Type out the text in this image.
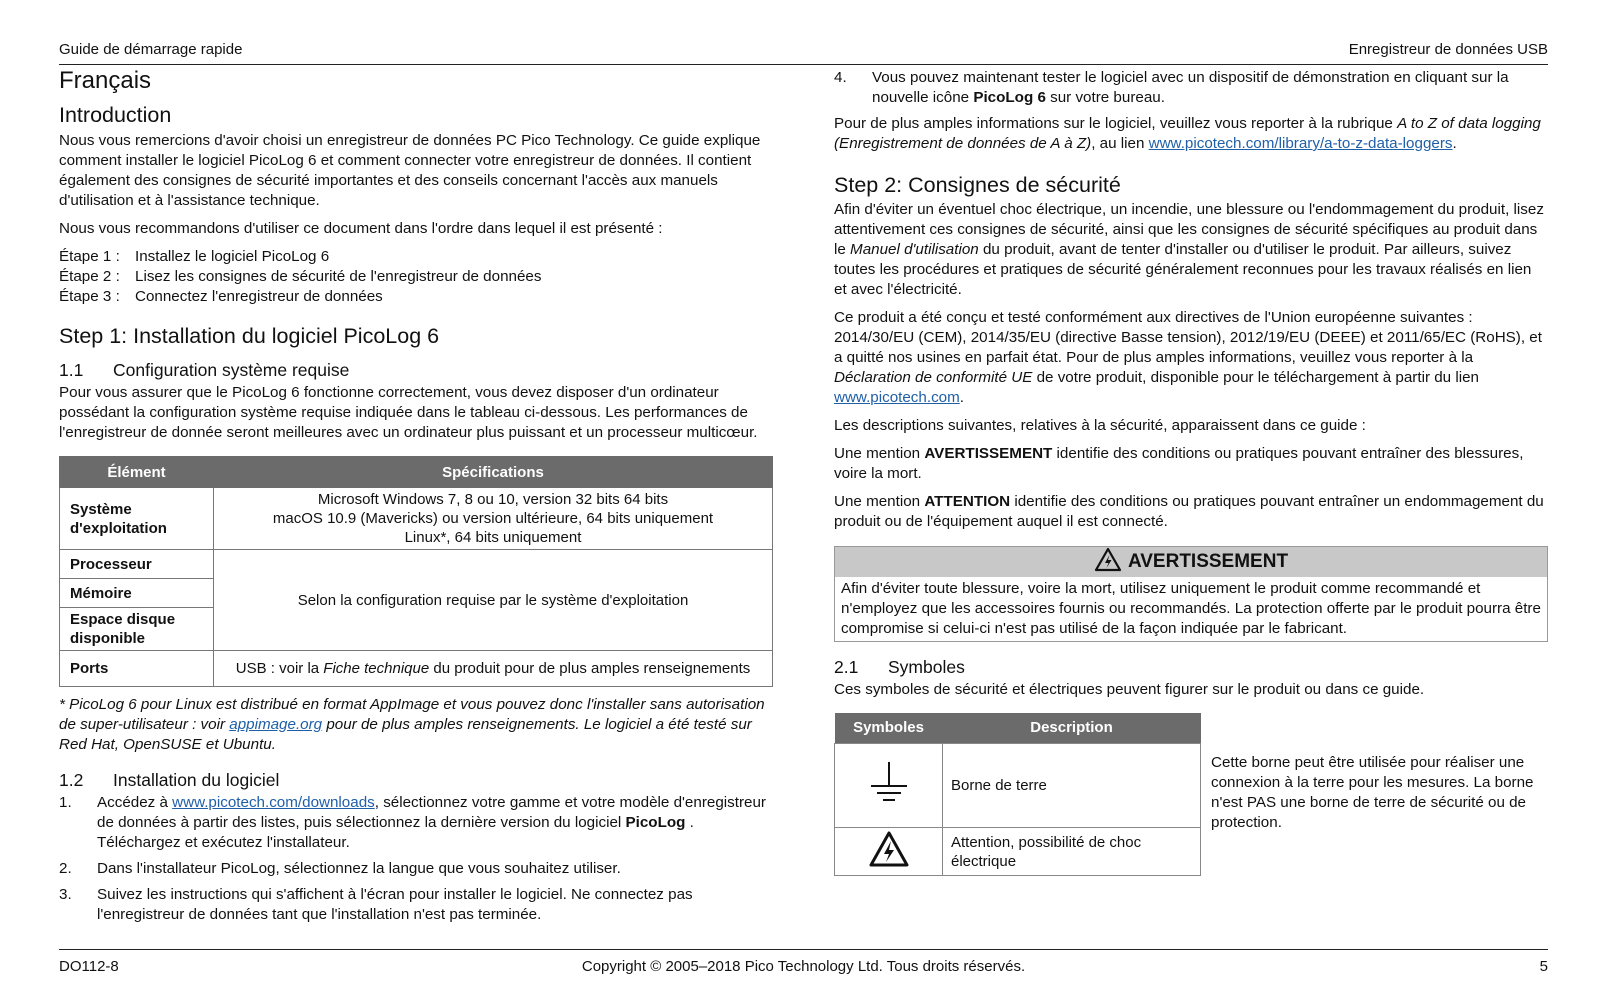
Guide de démarrage rapide	Enregistreur de données USB
Français
Introduction

Nous vous remercions d'avoir choisi un enregistreur de données PC Pico Technology. Ce guide explique comment installer le logiciel PicoLog 6 et comment connecter votre enregistreur de données. Il contient également des consignes de sécurité importantes et des conseils concernant l'accès aux manuels d'utilisation et à l'assistance technique.

Nous vous recommandons d'utiliser ce document dans l'ordre dans lequel il est présenté :

Étape 1 :	Installez le logiciel PicoLog 6
Étape 2 :	Lisez les consignes de sécurité de l'enregistreur de données
Étape 3 :	Connectez l'enregistreur de données
Step 1: Installation du logiciel PicoLog 6
1.1 Configuration système requise

Pour vous assurer que le PicoLog 6 fonctionne correctement, vous devez disposer d'un ordinateur possédant la configuration système requise indiquée dans le tableau ci-dessous. Les performances de l'enregistreur de donnée seront meilleures avec un ordinateur plus puissant et un processeur multicœur.

Élément	Spécifications
Système d'exploitation	Microsoft Windows 7, 8 ou 10, version 32 bits 64 bits
macOS 10.9 (Mavericks) ou version ultérieure, 64 bits uniquement
Linux*, 64 bits uniquement

Processeur	Selon la configuration requise par le système d'exploitation
Mémoire	
Espace disque disponible	
Ports	USB : voir la Fiche technique du produit pour de plus amples renseignements

* PicoLog 6 pour Linux est distribué en format AppImage et vous pouvez donc l'installer sans autorisation de super-utilisateur : voir appimage.org pour de plus amples renseignements. Le logiciel a été testé sur Red Hat, OpenSUSE et Ubuntu.

1.2 Installation du logiciel
1.	Accédez à www.picotech.com/downloads, sélectionnez votre gamme et votre modèle d'enregistreur de données à partir des listes, puis sélectionnez la dernière version du logiciel PicoLog . Téléchargez et exécutez l'installateur.
2.	Dans l'installateur PicoLog, sélectionnez la langue que vous souhaitez utiliser.
3.	Suivez les instructions qui s'affichent à l'écran pour installer le logiciel. Ne connectez pas l'enregistreur de données tant que l'installation n'est pas terminée.
4.	Vous pouvez maintenant tester le logiciel avec un dispositif de démonstration en cliquant sur la nouvelle icône PicoLog 6 sur votre bureau.

Pour de plus amples informations sur le logiciel, veuillez vous reporter à la rubrique A to Z of data logging (Enregistrement de données de A à Z), au lien www.picotech.com/library/a-to-z-data-loggers.

Step 2: Consignes de sécurité

Afin d'éviter un éventuel choc électrique, un incendie, une blessure ou l'endommagement du produit, lisez attentivement ces consignes de sécurité, ainsi que les consignes de sécurité spécifiques au produit dans le Manuel d'utilisation du produit, avant de tenter d'installer ou d'utiliser le produit. Par ailleurs, suivez toutes les procédures et pratiques de sécurité généralement reconnues pour les travaux réalisés en lien et avec l'électricité.

Ce produit a été conçu et testé conformément aux directives de l'Union européenne suivantes : 2014/30/EU (CEM), 2014/35/EU (directive Basse tension), 2012/19/EU (DEEE) et 2011/65/EC (RoHS), et a quitté nos usines en parfait état. Pour de plus amples informations, veuillez vous reporter à la Déclaration de conformité UE de votre produit, disponible pour le téléchargement à partir du lien www.picotech.com.

Les descriptions suivantes, relatives à la sécurité, apparaissent dans ce guide :

Une mention AVERTISSEMENT identifie des conditions ou pratiques pouvant entraîner des blessures, voire la mort.

Une mention ATTENTION identifie des conditions ou pratiques pouvant entraîner un endommagement du produit ou de l'équipement auquel il est connecté.

AVERTISSEMENT
Afin d'éviter toute blessure, voire la mort, utilisez uniquement le produit comme recommandé et n'employez que les accessoires fournis ou recommandés. La protection offerte par le produit pourra être compromise si celui-ci n'est pas utilisé de la façon indiquée par le fabricant.
2.1 Symboles

Ces symboles de sécurité et électriques peuvent figurer sur le produit ou dans ce guide.

Symboles	Description
	Borne de terre
	Attention, possibilité de choc électrique

Cette borne peut être utilisée pour réaliser une connexion à la terre pour les mesures. La borne n'est PAS une borne de terre de sécurité ou de protection.

DO112-8	Copyright © 2005–2018 Pico Technology Ltd. Tous droits réservés.	5
